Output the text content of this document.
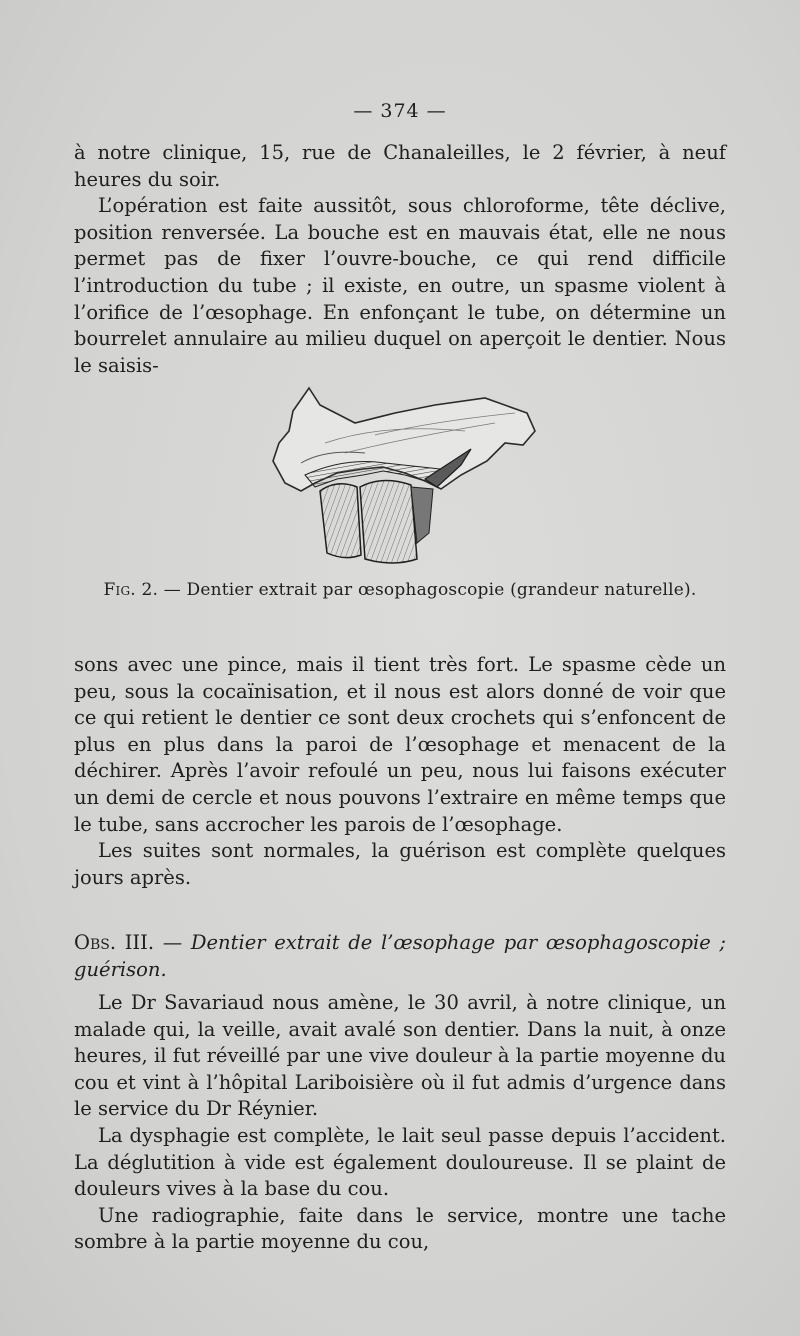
— 374 —

à notre clinique, 15, rue de Chanaleilles, le 2 février, à neuf heures du soir.

L’opération est faite aussitôt, sous chloroforme, tête déclive, position renversée. La bouche est en mauvais état, elle ne nous permet pas de fixer l’ouvre-bouche, ce qui rend difficile l’introduction du tube ; il existe, en outre, un spasme violent à l’orifice de l’œsophage. En enfonçant le tube, on détermine un bourrelet annulaire au milieu duquel on aperçoit le dentier. Nous le saisis-

Fig. 2. — Dentier extrait par œsophagoscopie (grandeur naturelle).

sons avec une pince, mais il tient très fort. Le spasme cède un peu, sous la cocaïnisation, et il nous est alors donné de voir que ce qui retient le dentier ce sont deux crochets qui s’enfoncent de plus en plus dans la paroi de l’œsophage et menacent de la déchirer. Après l’avoir refoulé un peu, nous lui faisons exécuter un demi de cercle et nous pouvons l’extraire en même temps que le tube, sans accrocher les parois de l’œsophage.

Les suites sont normales, la guérison est complète quelques jours après.

Obs. III. — Dentier extrait de l’œsophage par œsophagoscopie ; guérison.

Le Dr Savariaud nous amène, le 30 avril, à notre clinique, un malade qui, la veille, avait avalé son dentier. Dans la nuit, à onze heures, il fut réveillé par une vive douleur à la partie moyenne du cou et vint à l’hôpital Lariboisière où il fut admis d’urgence dans le service du Dr Réynier.

La dysphagie est complète, le lait seul passe depuis l’accident. La déglutition à vide est également douloureuse. Il se plaint de douleurs vives à la base du cou.

Une radiographie, faite dans le service, montre une tache sombre à la partie moyenne du cou,
